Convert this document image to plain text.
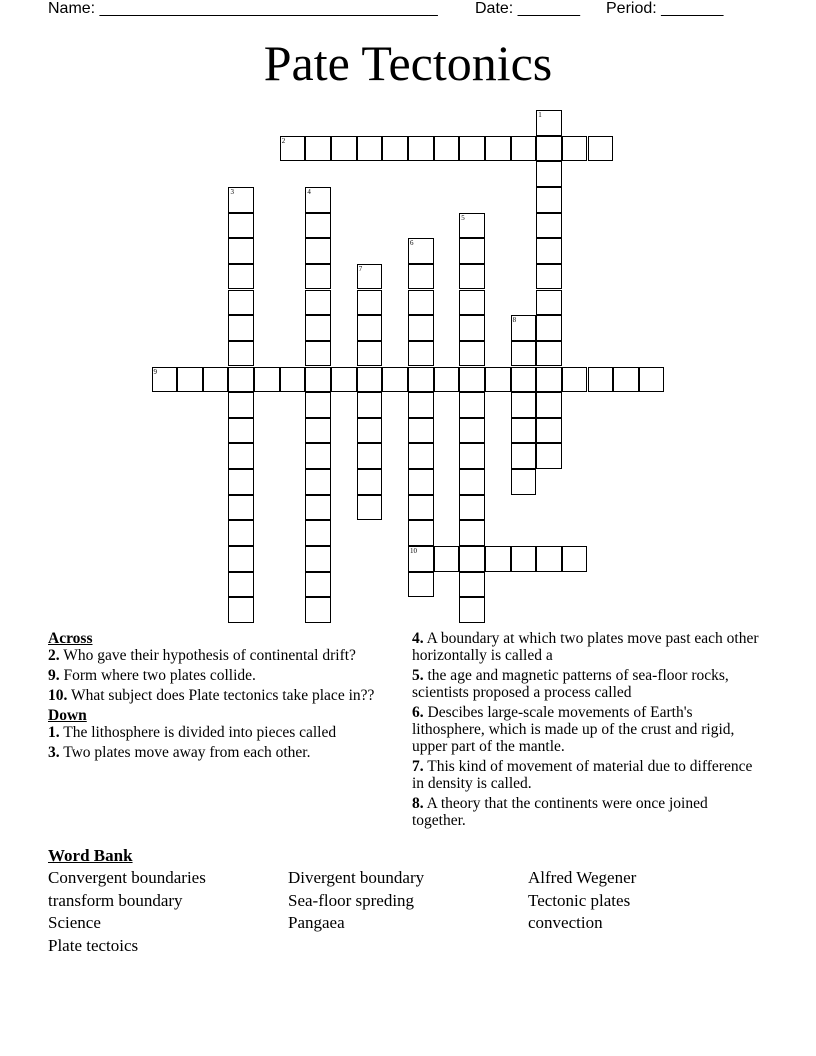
Name: ______________________________________ Date: _______ Period: _______
Pate Tectonics
1
2
3	4
5
6
7
8
9
10

Across

2. Who gave their hypothesis of continental drift?

9. Form where two plates collide.

10. What subject does Plate tectonics take place in??

Down

1. The lithosphere is divided into pieces called

3. Two plates move away from each other.

4. A boundary at which two plates move past each other horizontally is called a

5. the age and magnetic patterns of sea-floor rocks, scientists proposed a process called

6. Descibes large-scale movements of Earth's lithosphere, which is made up of the crust and rigid, upper part of the mantle.

7. This kind of movement of material due to difference in density is called.

8. A theory that the continents were once joined together.

Word Bank
Convergent boundaries
transform boundary
Science
Plate tectoics
Divergent boundary
Sea-floor spreding
Pangaea
Alfred Wegener
Tectonic plates
convection
